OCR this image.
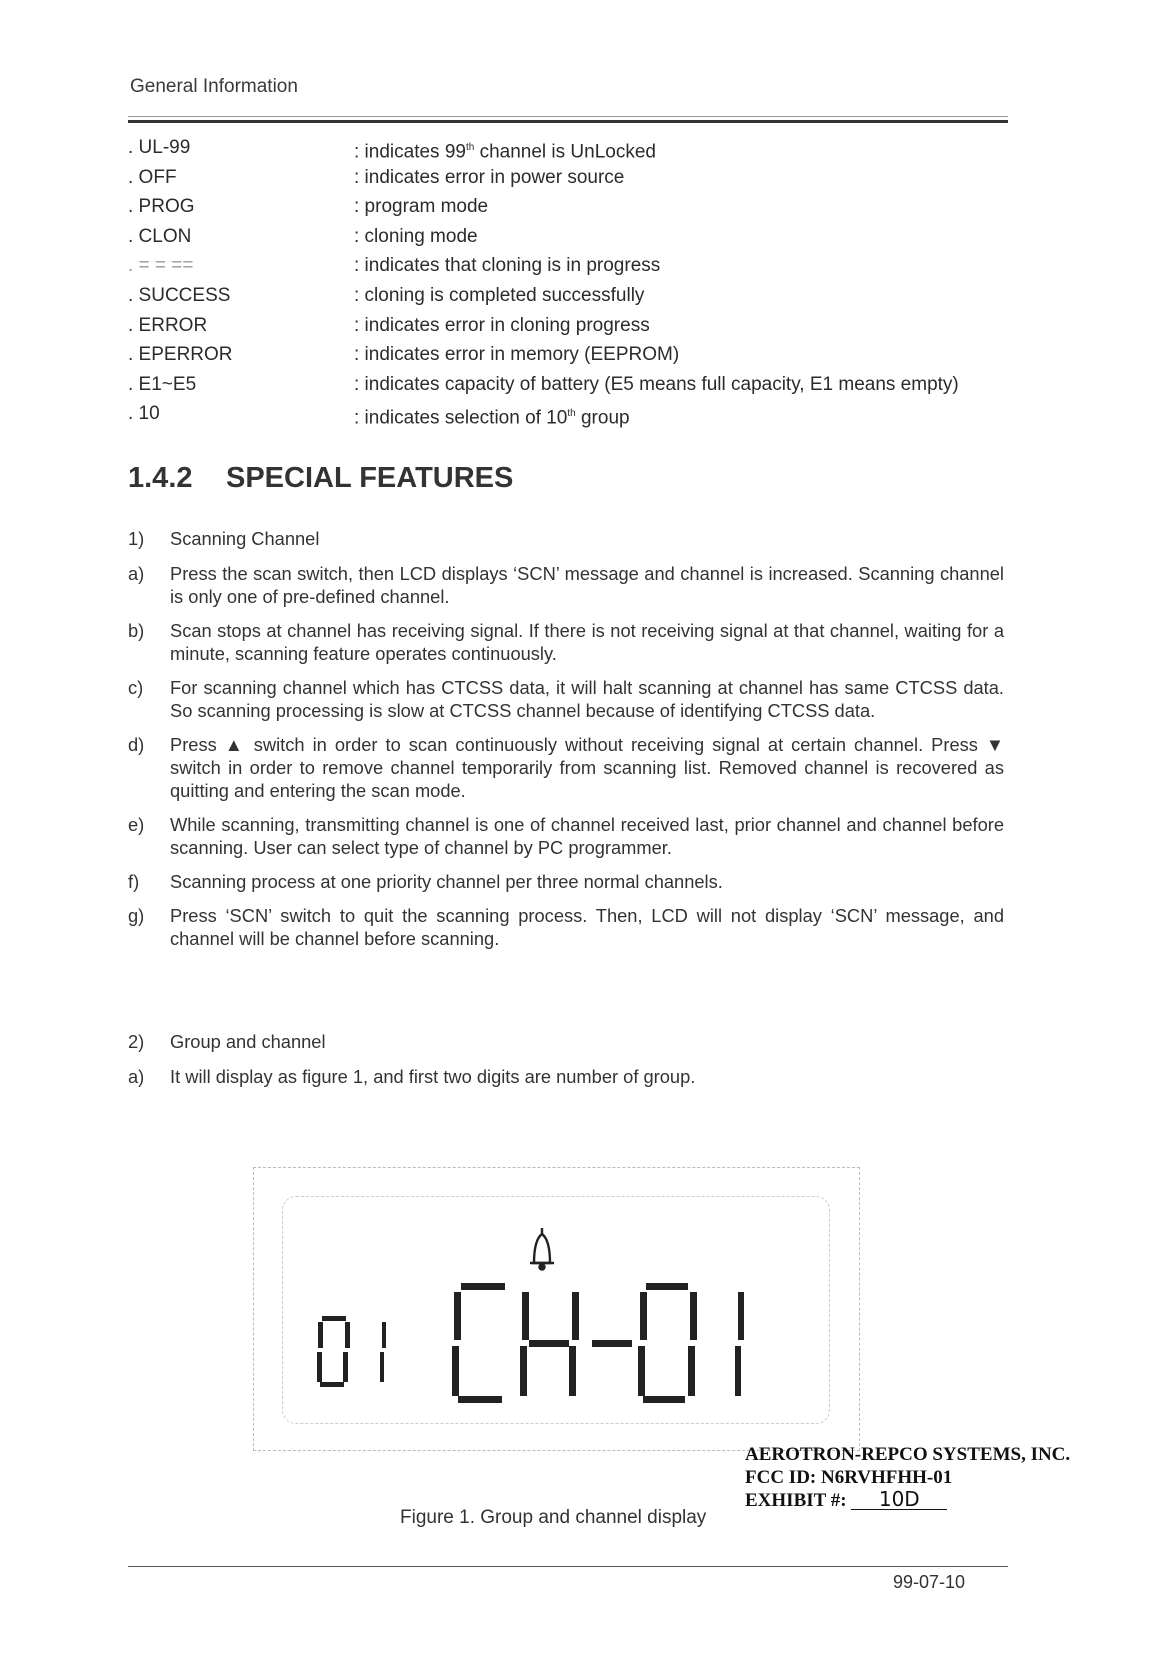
General Information
. UL-99	: indicates 99th channel is UnLocked
. OFF	: indicates error in power source
. PROG	: program mode
. CLON	: cloning mode
. = = ==	: indicates that cloning is in progress
. SUCCESS	: cloning is completed successfully
. ERROR	: indicates error in cloning progress
. EPERROR	: indicates error in memory (EEPROM)
. E1~E5	: indicates capacity of battery (E5 means full capacity, E1 means empty)
. 10	: indicates selection of 10th group
1.4.2 SPECIAL FEATURES
1) Scanning Channel
a) Press the scan switch, then LCD displays ‘SCN’ message and channel is increased. Scanning channel is only one of pre-defined channel.
b) Scan stops at channel has receiving signal. If there is not receiving signal at that channel, waiting for a minute, scanning feature operates continuously.
c) For scanning channel which has CTCSS data, it will halt scanning at channel has same CTCSS data. So scanning processing is slow at CTCSS channel because of identifying CTCSS data.
d) Press ▲ switch in order to scan continuously without receiving signal at certain channel. Press ▼ switch in order to remove channel temporarily from scanning list. Removed channel is recovered as quitting and entering the scan mode.
e) While scanning, transmitting channel is one of channel received last, prior channel and channel before scanning. User can select type of channel by PC programmer.
f) Scanning process at one priority channel per three normal channels.
g) Press ‘SCN’ switch to quit the scanning process. Then, LCD will not display ‘SCN’ message, and channel will be channel before scanning.
2) Group and channel
a) It will display as figure 1, and first two digits are number of group.
Figure 1. Group and channel display
AEROTRON-REPCO SYSTEMS, INC.
FCC ID: N6RVHFHH-01
EXHIBIT #: 10D
99-07-10
